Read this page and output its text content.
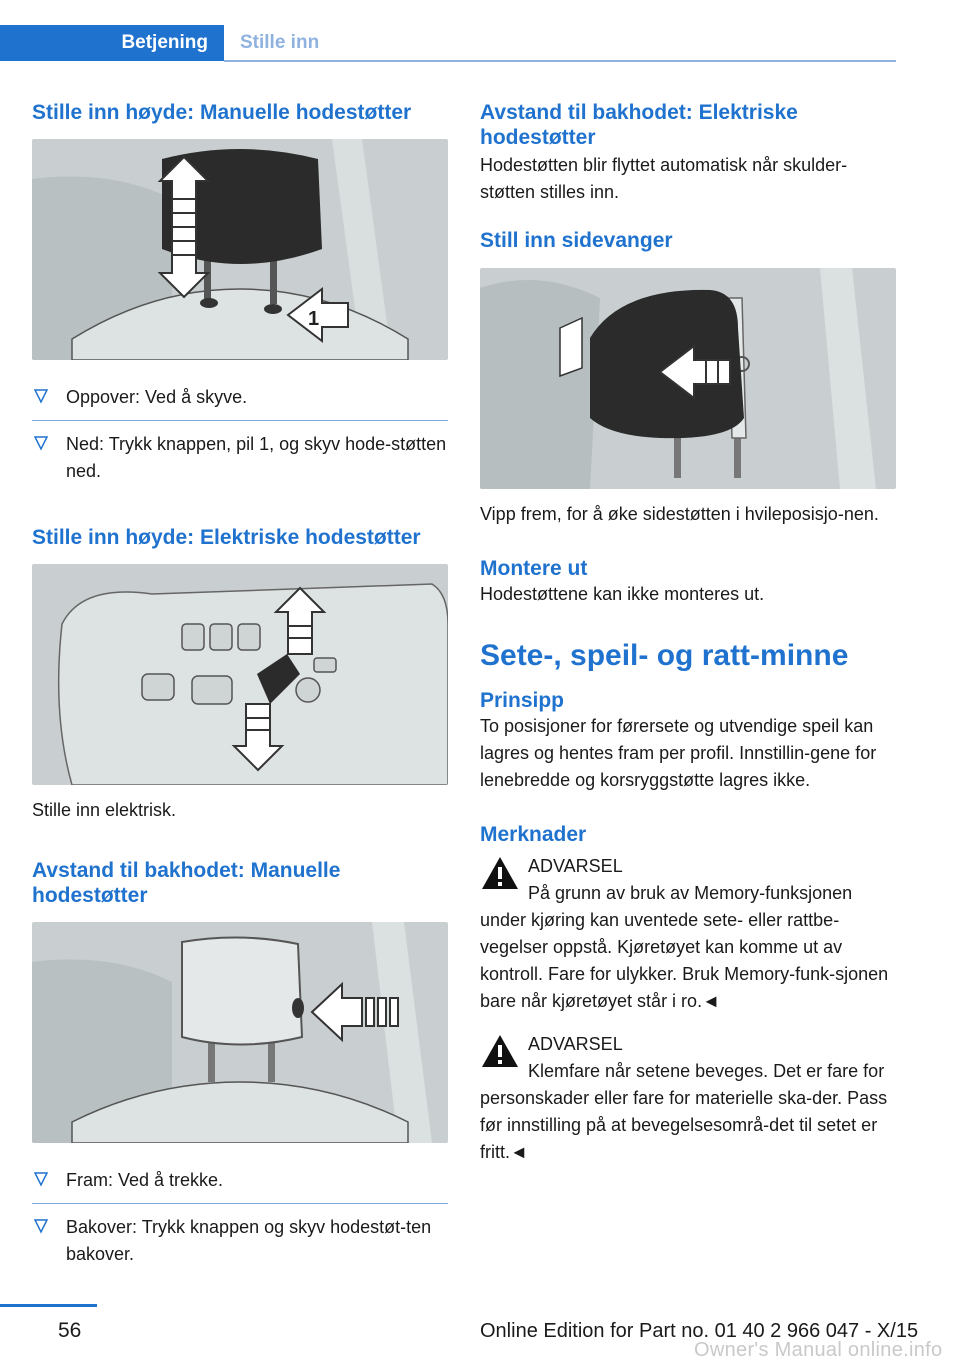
Betjening	Stille inn
Stille inn høyde: Manuelle hodestøtter
1
Oppover: Ved å skyve.
Ned: Trykk knappen, pil 1, og skyv hode-støtten ned.
Stille inn høyde: Elektriske hodestøtter

Stille inn elektrisk.

Avstand til bakhodet: Manuelle hodestøtter
Fram: Ved å trekke.
Bakover: Trykk knappen og skyv hodestøt-ten bakover.
Avstand til bakhodet: Elektriske hodestøtter

Hodestøtten blir flyttet automatisk når skulder-støtten stilles inn.

Still inn sidevanger

Vipp frem, for å øke sidestøtten i hvileposisjo-nen.

Montere ut

Hodestøttene kan ikke monteres ut.

Sete-, speil- og ratt-minne
Prinsipp

To posisjoner for førersete og utvendige speil kan lagres og hentes fram per profil. Innstillin-gene for lenebredde og korsryggstøtte lagres ikke.

Merknader
ADVARSEL

På grunn av bruk av Memory-funksjonen under kjøring kan uventede sete- eller rattbe-vegelser oppstå. Kjøretøyet kan komme ut av kontroll. Fare for ulykker. Bruk Memory-funk-sjonen bare når kjøretøyet står i ro.◄

ADVARSEL

Klemfare når setene beveges. Det er fare for personskader eller fare for materielle ska-der. Pass før innstilling på at bevegelsesområ-det til setet er fritt.◄

56	Online Edition for Part no. 01 40 2 966 047 - X/15
Owner's Manual online.info
